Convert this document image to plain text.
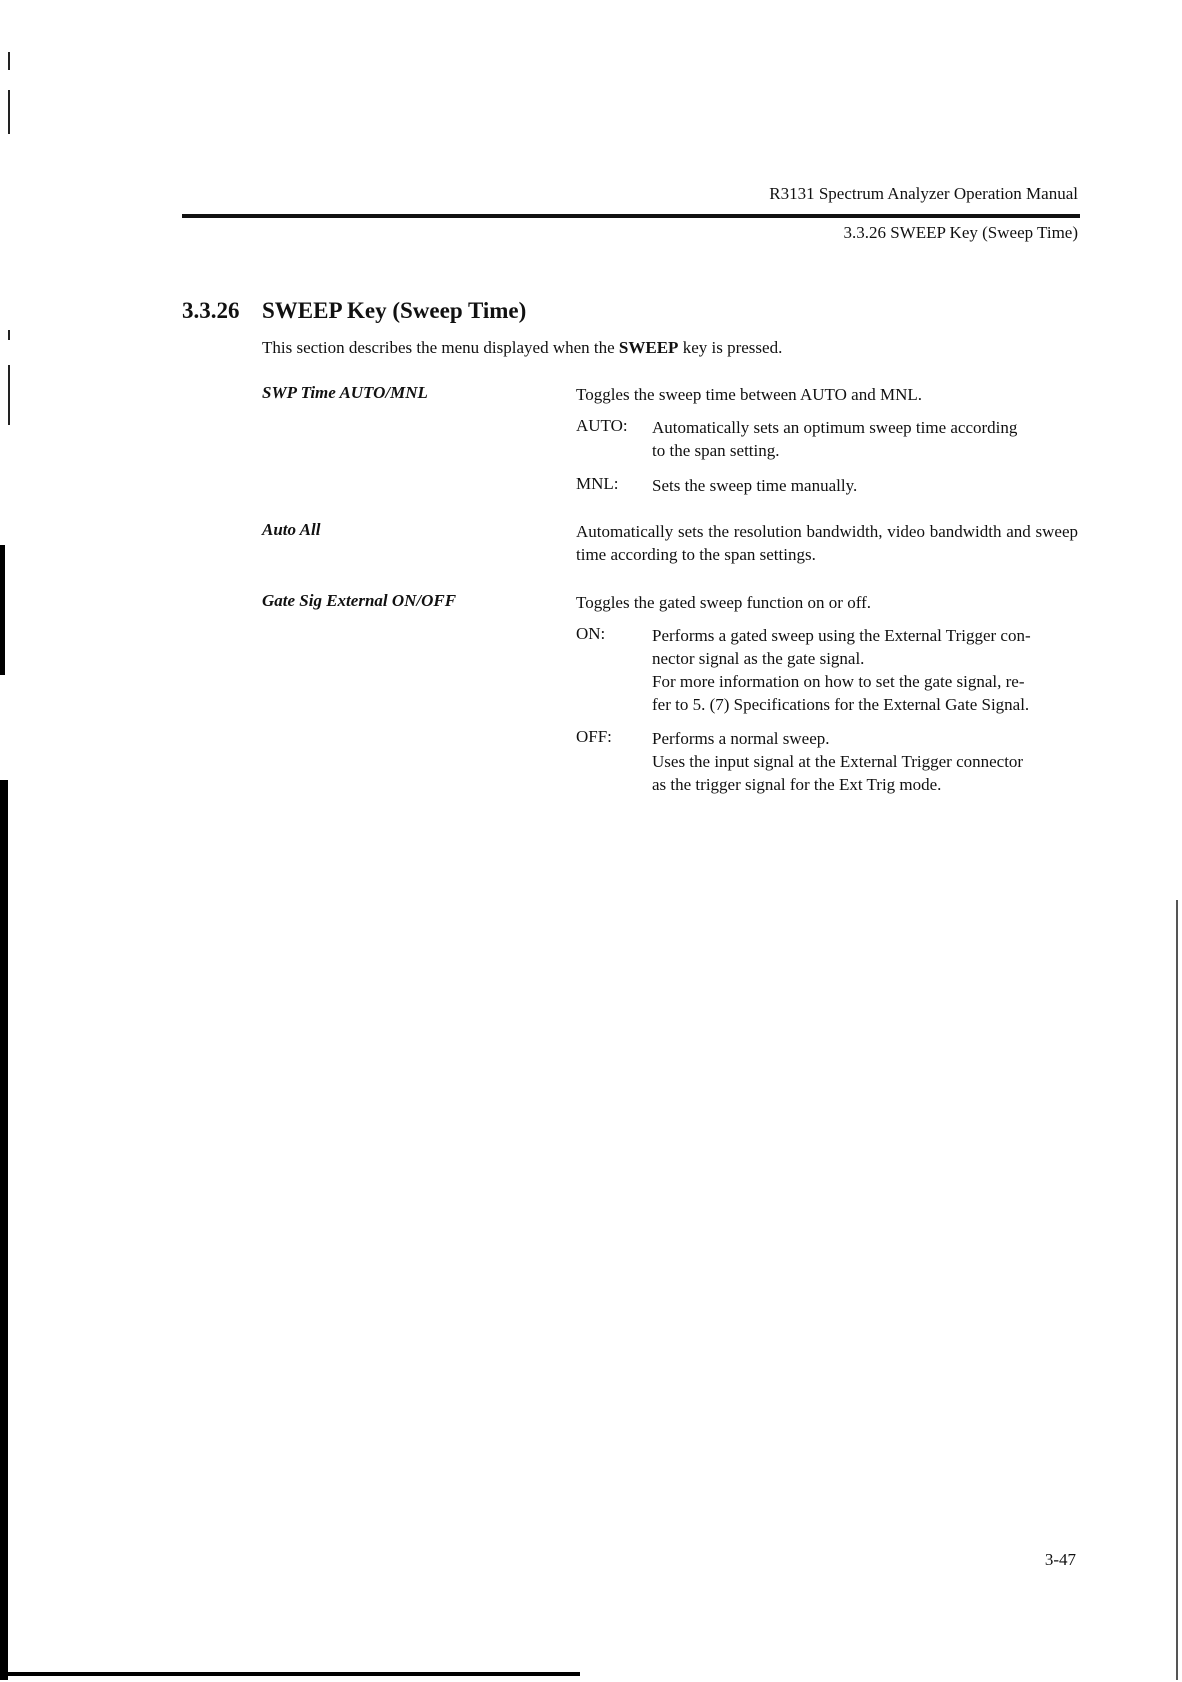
R3131 Spectrum Analyzer Operation Manual
3.3.26 SWEEP Key (Sweep Time)
3.3.26 SWEEP Key (Sweep Time)
This section describes the menu displayed when the SWEEP key is pressed.
SWP Time AUTO/MNL	Toggles the sweep time between AUTO and MNL.
AUTO: Automatically sets an optimum sweep time according
to the span setting.
MNL: Sets the sweep time manually.
Auto All	Automatically sets the resolution bandwidth, video bandwidth and sweep time according to the span settings.
Gate Sig External ON/OFF	Toggles the gated sweep function on or off.
ON:	Performs a gated sweep using the External Trigger con-
nector signal as the gate signal.
For more information on how to set the gate signal, re-
fer to 5. (7) Specifications for the External Gate Signal.
OFF: Performs a normal sweep.
Uses the input signal at the External Trigger connector
as the trigger signal for the Ext Trig mode.
3-47
